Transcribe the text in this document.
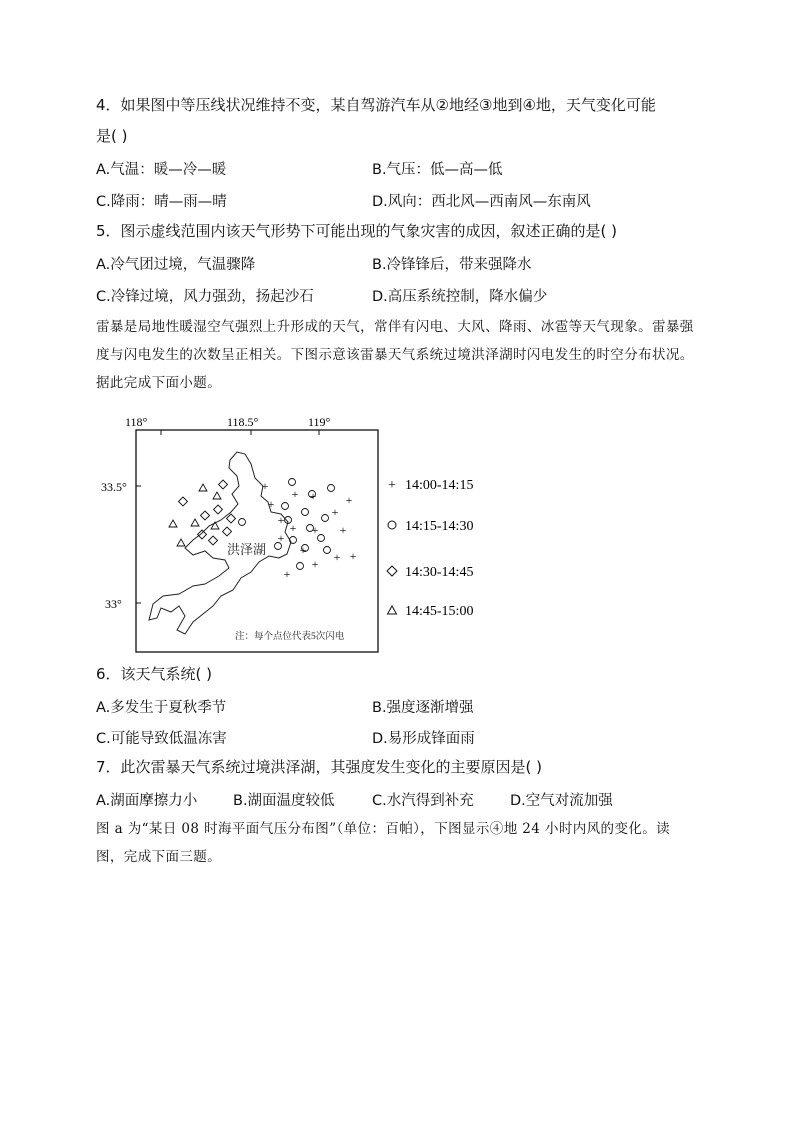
4．如果图中等压线状况维持不变，某自驾游汽车从②地经③地到④地，天气变化可能
是( )
A.气温：暖—冷—暖	B.气压：低—高—低
C.降雨：晴—雨—晴	D.风向：西北风—西南风—东南风
5．图示虚线范围内该天气形势下可能出现的气象灾害的成因，叙述正确的是( )
A.冷气团过境，气温骤降	B.冷锋锋后，带来强降水
C.冷锋过境，风力强劲，扬起沙石	D.高压系统控制，降水偏少
雷暴是局地性暖湿空气强烈上升形成的天气，常伴有闪电、大风、降雨、冰雹等天气现象。雷暴强度与闪电发生的次数呈正相关。下图示意该雷暴天气系统过境洪泽湖时闪电发生的时空分布状况。据此完成下面小题。
118°	118.5°	119°
33.5°
33°
洪泽湖
+
+
+
+
+
+
+
+
+
+
+ + +
+
+
+
注：每个点位代表5次闪电
+ 14:00-14:15
14:15-14:30
14:30-14:45
14:45-15:00
6．该天气系统( )
A.多发生于夏秋季节	B.强度逐渐增强
C.可能导致低温冻害	D.易形成锋面雨
7．此次雷暴天气系统过境洪泽湖，其强度发生变化的主要原因是( )
A.湖面摩擦力小 B.湖面温度较低	C.水汽得到补充	D.空气对流加强
图 a 为“某日 08 时海平面气压分布图”（单位：百帕），下图显示④地 24 小时内风的变化。读图，完成下面三题。
